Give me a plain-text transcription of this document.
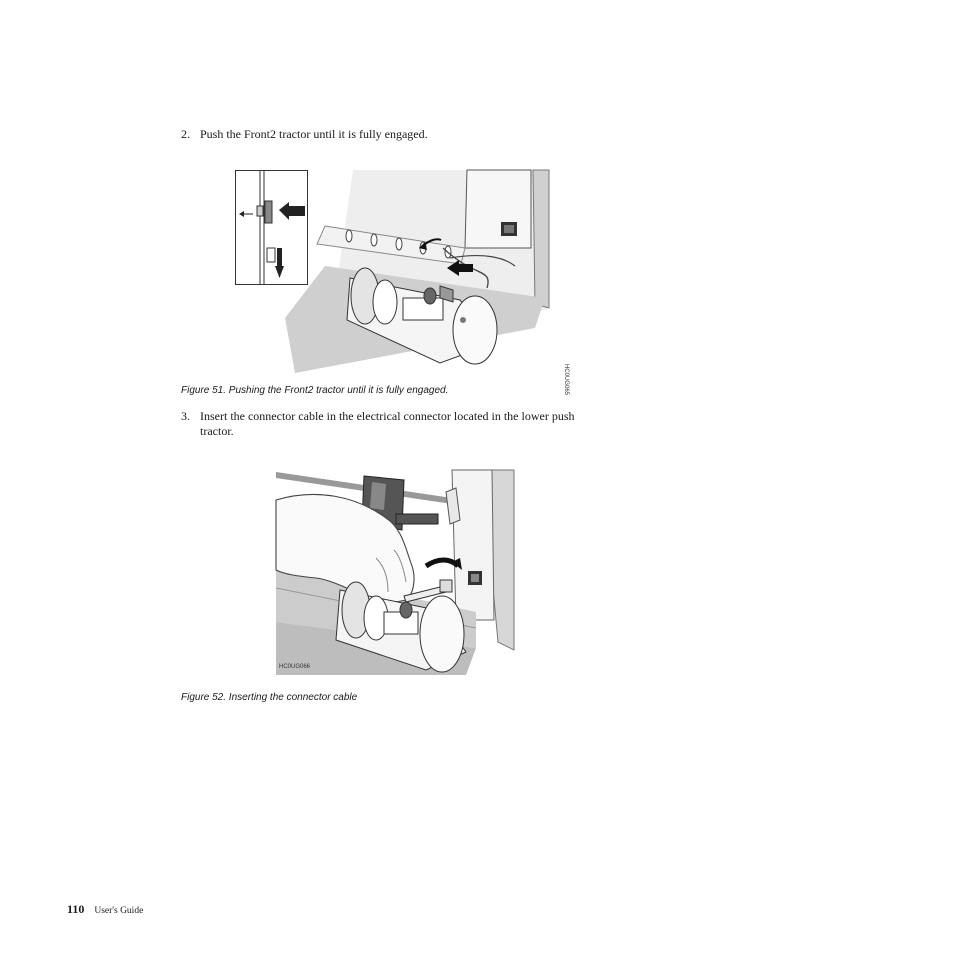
2. Push the Front2 tractor until it is fully engaged.
HC0UG065
Figure 51. Pushing the Front2 tractor until it is fully engaged.
3. Insert the connector cable in the electrical connector located in the lower push
tractor.
HC0UG066
Figure 52. Inserting the connector cable
110 User's Guide
